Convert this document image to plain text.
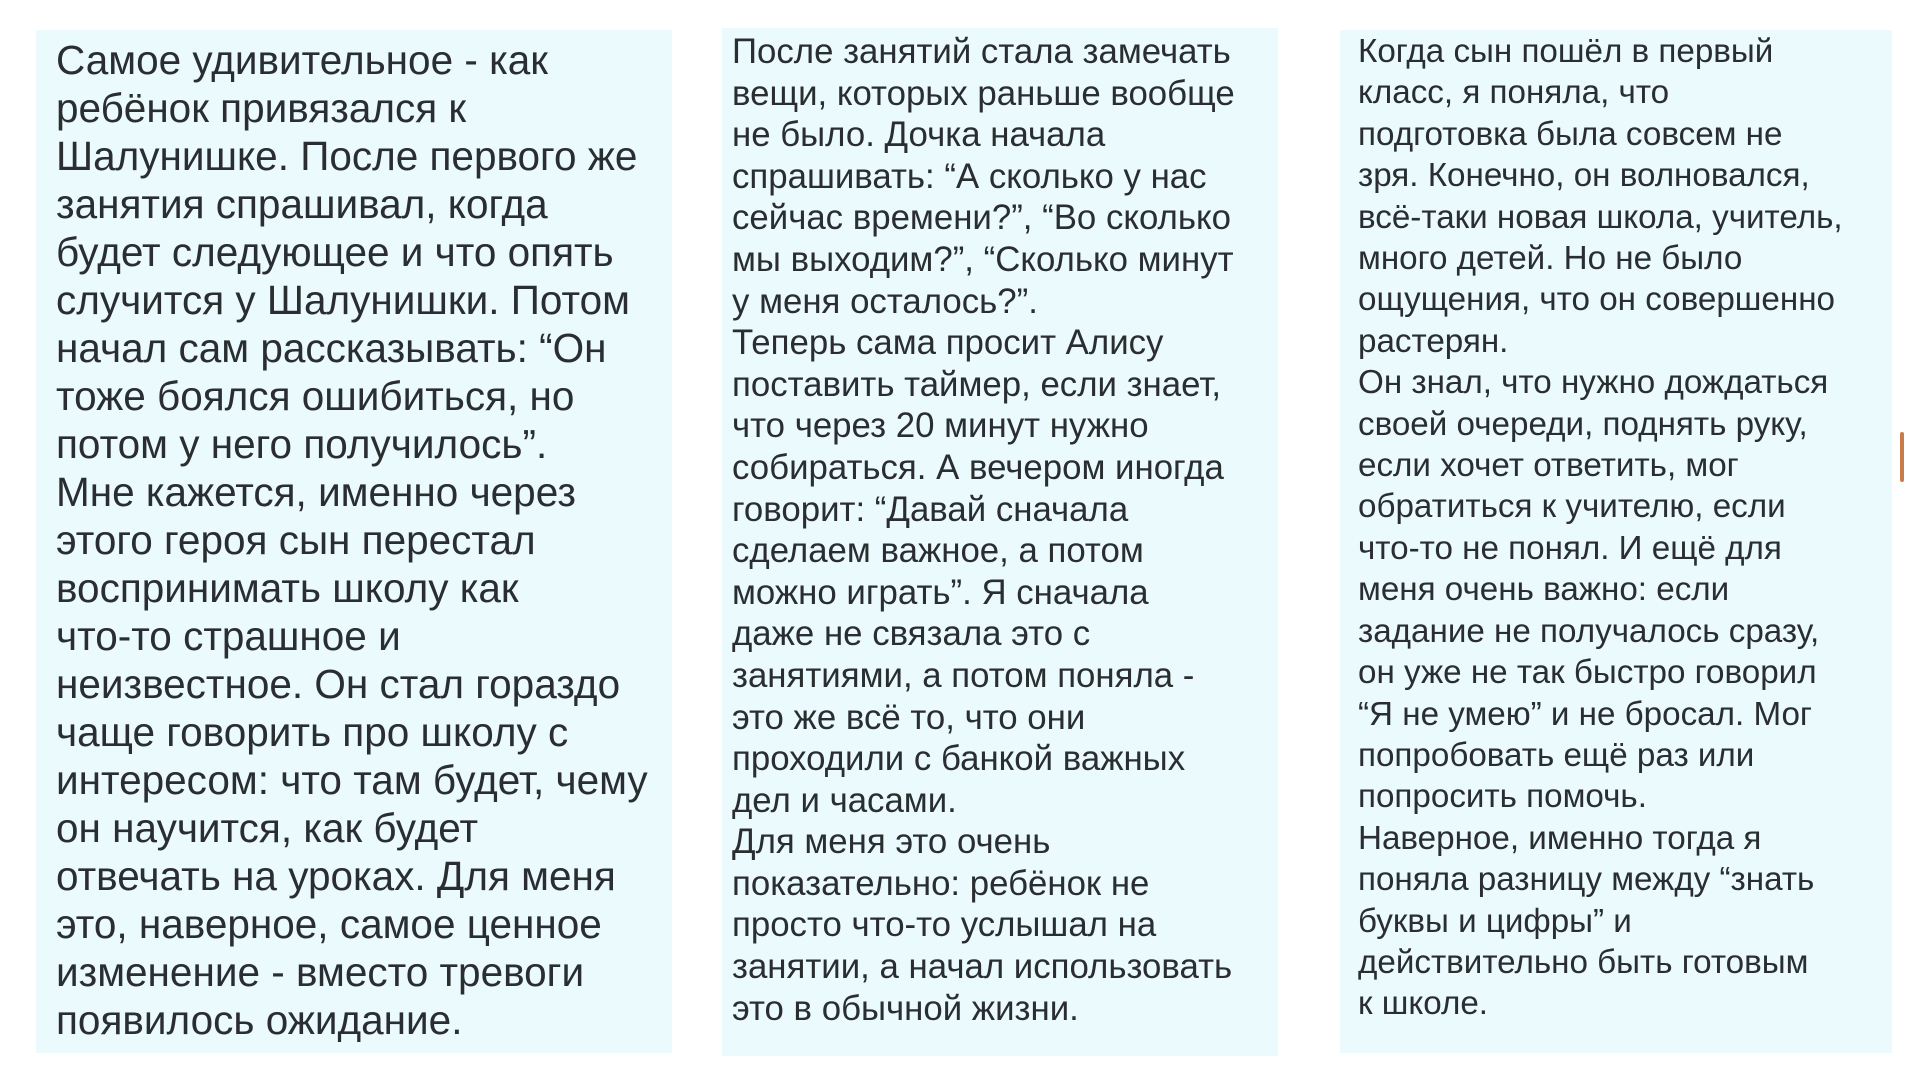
Самое удивительное - как
ребёнок привязался к
Шалунишке. После первого же
занятия спрашивал, когда
будет следующее и что опять
случится у Шалунишки. Потом
начал сам рассказывать: “Он
тоже боялся ошибиться, но
потом у него получилось”.
Мне кажется, именно через
этого героя сын перестал
воспринимать школу как
что-то страшное и
неизвестное. Он стал гораздо
чаще говорить про школу с
интересом: что там будет, чему
он научится, как будет
отвечать на уроках. Для меня
это, наверное, самое ценное
изменение - вместо тревоги
появилось ожидание.

После занятий стала замечать
вещи, которых раньше вообще
не было. Дочка начала
спрашивать: “А сколько у нас
сейчас времени?”, “Во сколько
мы выходим?”, “Сколько минут
у меня осталось?”.
Теперь сама просит Алису
поставить таймер, если знает,
что через 20 минут нужно
собираться. А вечером иногда
говорит: “Давай сначала
сделаем важное, а потом
можно играть”. Я сначала
даже не связала это с
занятиями, а потом поняла -
это же всё то, что они
проходили с банкой важных
дел и часами.
Для меня это очень
показательно: ребёнок не
просто что-то услышал на
занятии, а начал использовать
это в обычной жизни.

Когда сын пошёл в первый
класс, я поняла, что
подготовка была совсем не
зря. Конечно, он волновался,
всё-таки новая школа, учитель,
много детей. Но не было
ощущения, что он совершенно
растерян.
Он знал, что нужно дождаться
своей очереди, поднять руку,
если хочет ответить, мог
обратиться к учителю, если
что-то не понял. И ещё для
меня очень важно: если
задание не получалось сразу,
он уже не так быстро говорил
“Я не умею” и не бросал. Мог
попробовать ещё раз или
попросить помочь.
Наверное, именно тогда я
поняла разницу между “знать
буквы и цифры” и
действительно быть готовым
к школе.
